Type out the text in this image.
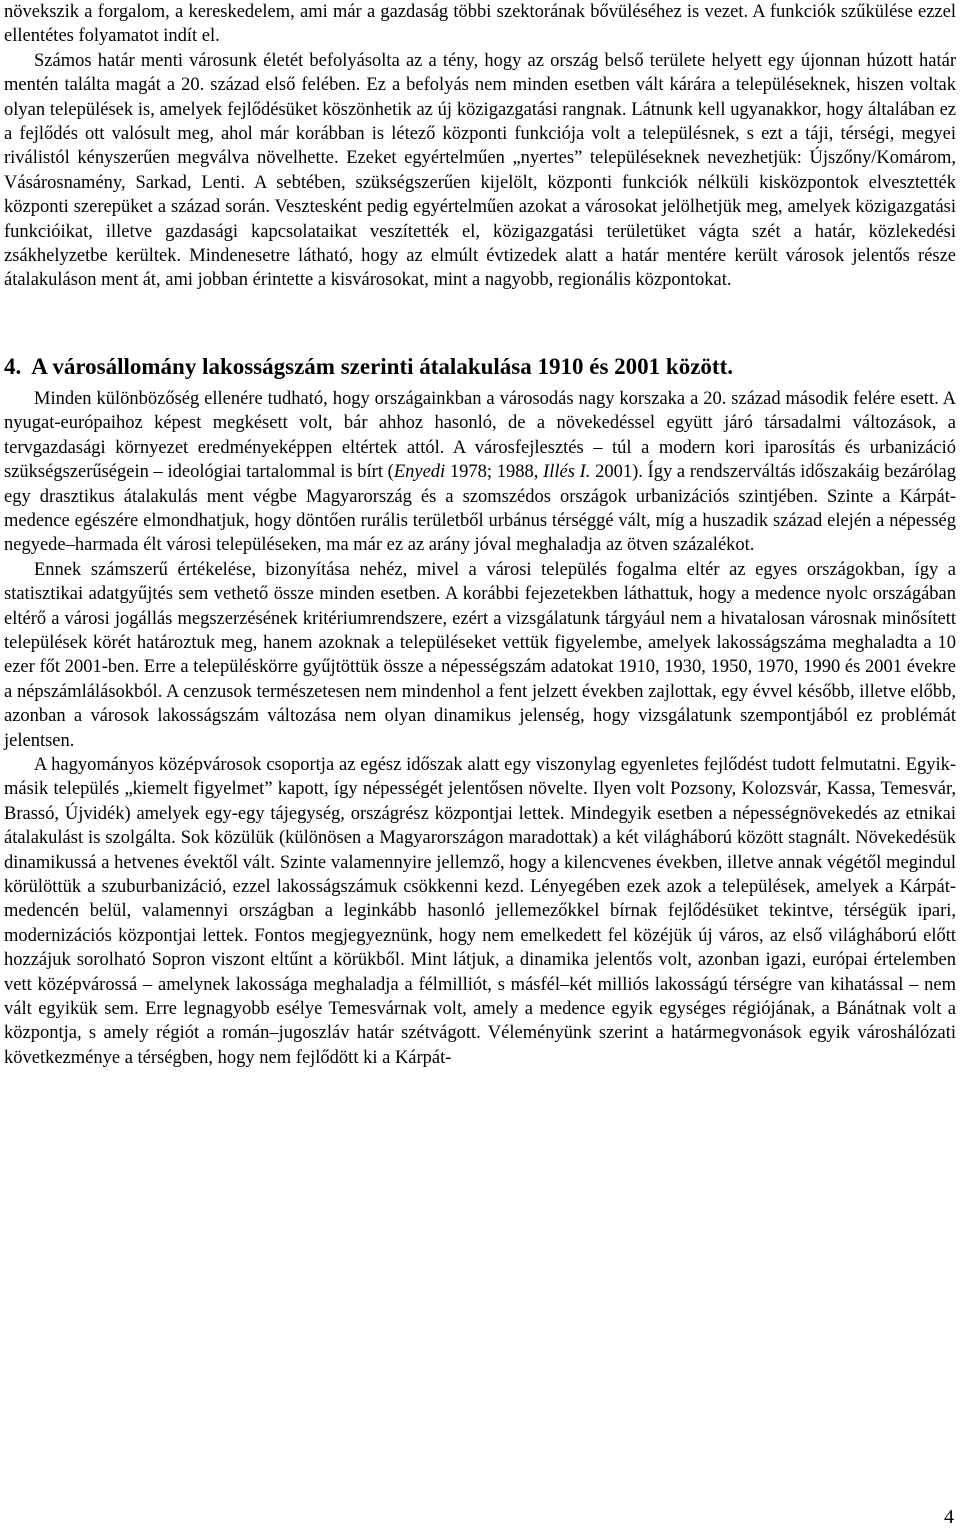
növekszik a forgalom, a kereskedelem, ami már a gazdaság többi szektorának bővüléséhez is vezet. A funkciók szűkülése ezzel ellentétes folyamatot indít el.

Számos határ menti városunk életét befolyásolta az a tény, hogy az ország belső területe helyett egy újonnan húzott határ mentén találta magát a 20. század első felében. Ez a befolyás nem minden esetben vált kárára a településeknek, hiszen voltak olyan települések is, amelyek fejlődésüket köszönhetik az új közigazgatási rangnak. Látnunk kell ugyanakkor, hogy általában ez a fejlődés ott valósult meg, ahol már korábban is létező központi funkciója volt a településnek, s ezt a táji, térségi, megyei riválistól kényszerűen megválva növelhette. Ezeket egyértelműen „nyertes” településeknek nevezhetjük: Újszőny/Komárom, Vásárosnamény, Sarkad, Lenti. A sebtében, szükségszerűen kijelölt, központi funkciók nélküli kisközpontok elvesztették központi szerepüket a század során. Vesztesként pedig egyértelműen azokat a városokat jelölhetjük meg, amelyek közigazgatási funkcióikat, illetve gazdasági kapcsolataikat veszítették el, közigazgatási területüket vágta szét a határ, közlekedési zsákhelyzetbe kerültek. Mindenesetre látható, hogy az elmúlt évtizedek alatt a határ mentére került városok jelentős része átalakuláson ment át, ami jobban érintette a kisvárosokat, mint a nagyobb, regionális központokat.

4. A városállomány lakosságszám szerinti átalakulása 1910 és 2001 között.

Minden különbözőség ellenére tudható, hogy országainkban a városodás nagy korszaka a 20. század második felére esett. A nyugat-európaihoz képest megkésett volt, bár ahhoz hasonló, de a növekedéssel együtt járó társadalmi változások, a tervgazdasági környezet eredményeképpen eltértek attól. A városfejlesztés – túl a modern kori iparosítás és urbanizáció szükségszerűségein – ideológiai tartalommal is bírt (Enyedi 1978; 1988, Illés I. 2001). Így a rendszerváltás időszakáig bezárólag egy drasztikus átalakulás ment végbe Magyarország és a szomszédos országok urbanizációs szintjében. Szinte a Kárpát-medence egészére elmondhatjuk, hogy döntően rurális területből urbánus térséggé vált, míg a huszadik század elején a népesség negyede–harmada élt városi településeken, ma már ez az arány jóval meghaladja az ötven százalékot.

Ennek számszerű értékelése, bizonyítása nehéz, mivel a városi település fogalma eltér az egyes országokban, így a statisztikai adatgyűjtés sem vethető össze minden esetben. A korábbi fejezetekben láthattuk, hogy a medence nyolc országában eltérő a városi jogállás megszerzésének kritériumrendszere, ezért a vizsgálatunk tárgyául nem a hivatalosan városnak minősített települések körét határoztuk meg, hanem azoknak a településeket vettük figyelembe, amelyek lakosságszáma meghaladta a 10 ezer főt 2001-ben. Erre a településkörre gyűjtöttük össze a népességszám adatokat 1910, 1930, 1950, 1970, 1990 és 2001 évekre a népszámlálásokból. A cenzusok természetesen nem mindenhol a fent jelzett években zajlottak, egy évvel később, illetve előbb, azonban a városok lakosságszám változása nem olyan dinamikus jelenség, hogy vizsgálatunk szempontjából ez problémát jelentsen.

A hagyományos középvárosok csoportja az egész időszak alatt egy viszonylag egyenletes fejlődést tudott felmutatni. Egyik-másik település „kiemelt figyelmet” kapott, így népességét jelentősen növelte. Ilyen volt Pozsony, Kolozsvár, Kassa, Temesvár, Brassó, Újvidék) amelyek egy-egy tájegység, országrész központjai lettek. Mindegyik esetben a népességnövekedés az etnikai átalakulást is szolgálta. Sok közülük (különösen a Magyarországon maradottak) a két világháború között stagnált. Növekedésük dinamikussá a hetvenes évektől vált. Szinte valamennyire jellemző, hogy a kilencvenes években, illetve annak végétől megindul körülöttük a szuburbanizáció, ezzel lakosságszámuk csökkenni kezd. Lényegében ezek azok a települések, amelyek a Kárpát-medencén belül, valamennyi országban a leginkább hasonló jellemezőkkel bírnak fejlődésüket tekintve, térségük ipari, modernizációs központjai lettek. Fontos megjegyeznünk, hogy nem emelkedett fel közéjük új város, az első világháború előtt hozzájuk sorolható Sopron viszont eltűnt a körükből. Mint látjuk, a dinamika jelentős volt, azonban igazi, európai értelemben vett középvárossá – amelynek lakossága meghaladja a félmilliót, s másfél–két milliós lakosságú térségre van kihatással – nem vált egyikük sem. Erre legnagyobb esélye Temesvárnak volt, amely a medence egyik egységes régiójának, a Bánátnak volt a központja, s amely régiót a román–jugoszláv határ szétvágott. Véleményünk szerint a határmegvonások egyik városhálózati következménye a térségben, hogy nem fejlődött ki a Kárpát-

4
